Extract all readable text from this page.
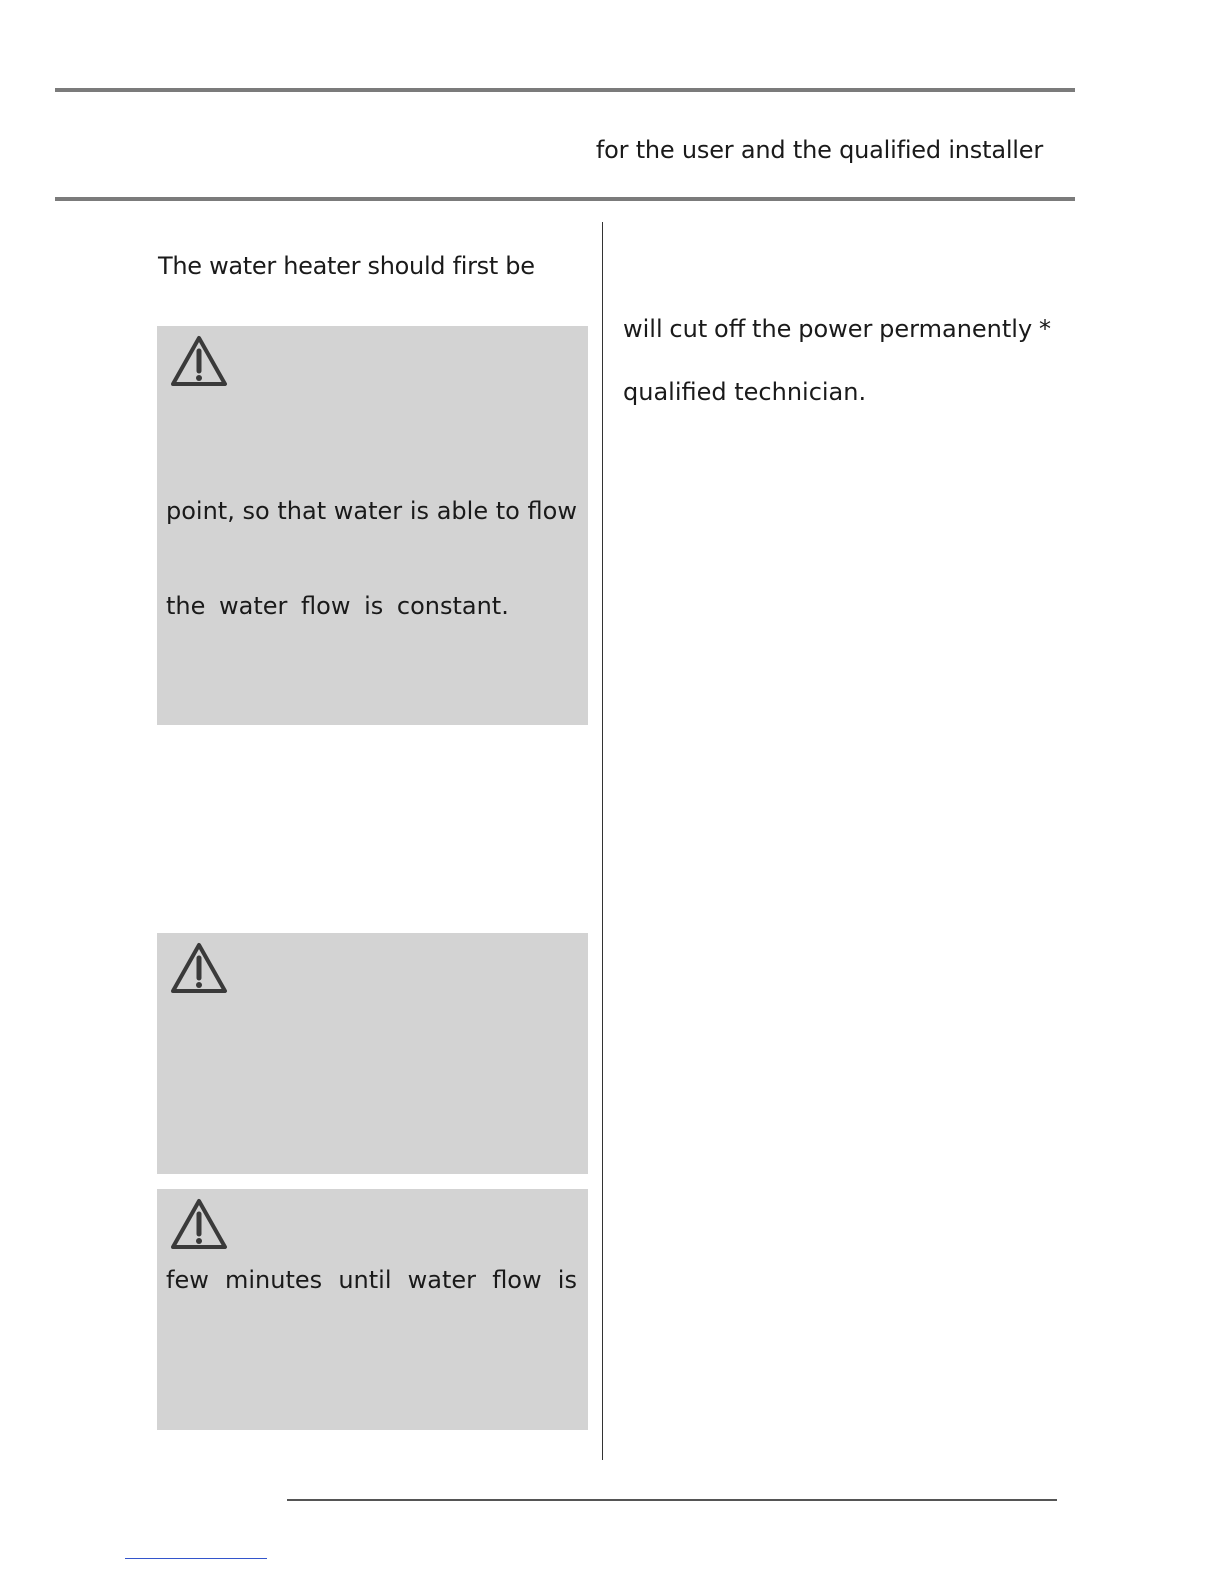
for the user and the qualified installer
The water heater should first be
point, so that water is able to flow
the water flow is constant.
few minutes until water flow is
will cut off the power permanently *
qualified technician.
